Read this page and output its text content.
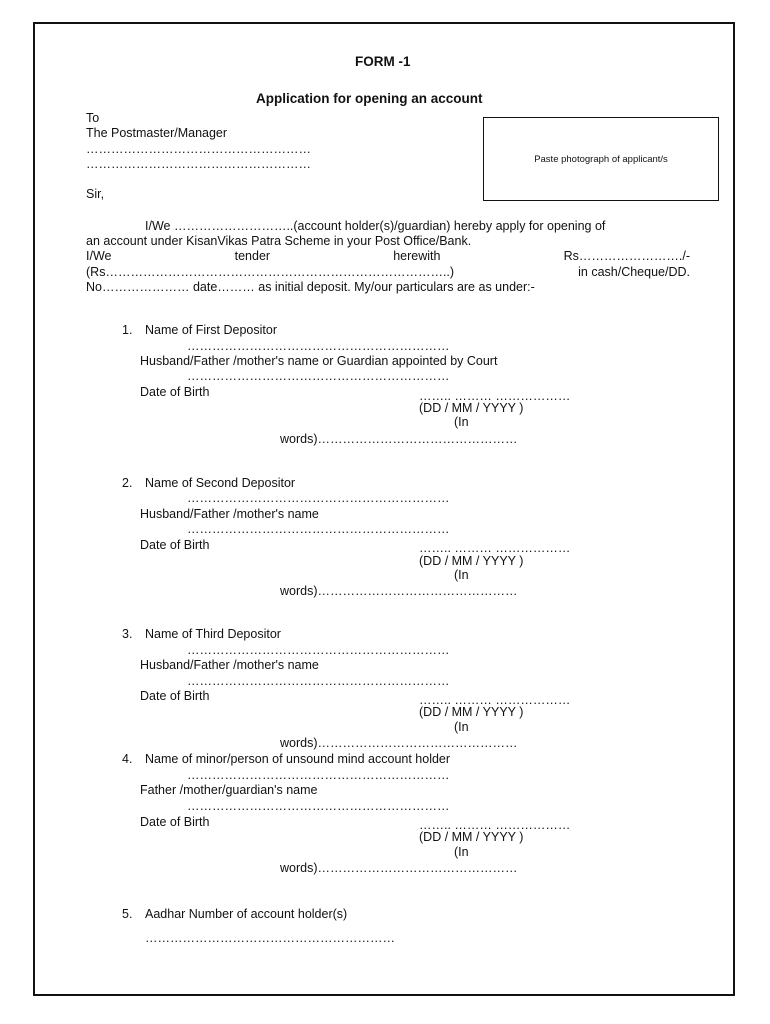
FORM -1
Application for opening an account
To
The Postmaster/Manager
………………………………………………
………………………………………………	Paste photograph of applicant/s
Sir,
I/We ………………………..(account holder(s)/guardian) hereby apply for opening of
an account under KisanVikas Patra Scheme in your Post Office/Bank.
I/We	tender	herewith	Rs……………………./-
(Rs………………………………………………………………………..)	in cash/Cheque/DD.
No………………… date……… as initial deposit. My/our particulars are as under:-
1. Name of First Depositor
………………………………………………………
Husband/Father /mother's name or Guardian appointed by Court
………………………………………………………
Date of Birth	…….. ……… ………………
(DD / MM / YYYY )
(In
words)…………………………………………
2. Name of Second Depositor
………………………………………………………
Husband/Father /mother's name
………………………………………………………
Date of Birth	…….. ……… ………………
(DD / MM / YYYY )
(In
words)…………………………………………
3. Name of Third Depositor
………………………………………………………
Husband/Father /mother's name
………………………………………………………
Date of Birth	…….. ……… ………………
(DD / MM / YYYY )
(In
words)…………………………………………
4. Name of minor/person of unsound mind account holder
………………………………………………………
Father /mother/guardian's name
………………………………………………………
Date of Birth	…….. ……… ………………
(DD / MM / YYYY )
(In
words)…………………………………………
5. Aadhar Number of account holder(s)
……………………………………………………
